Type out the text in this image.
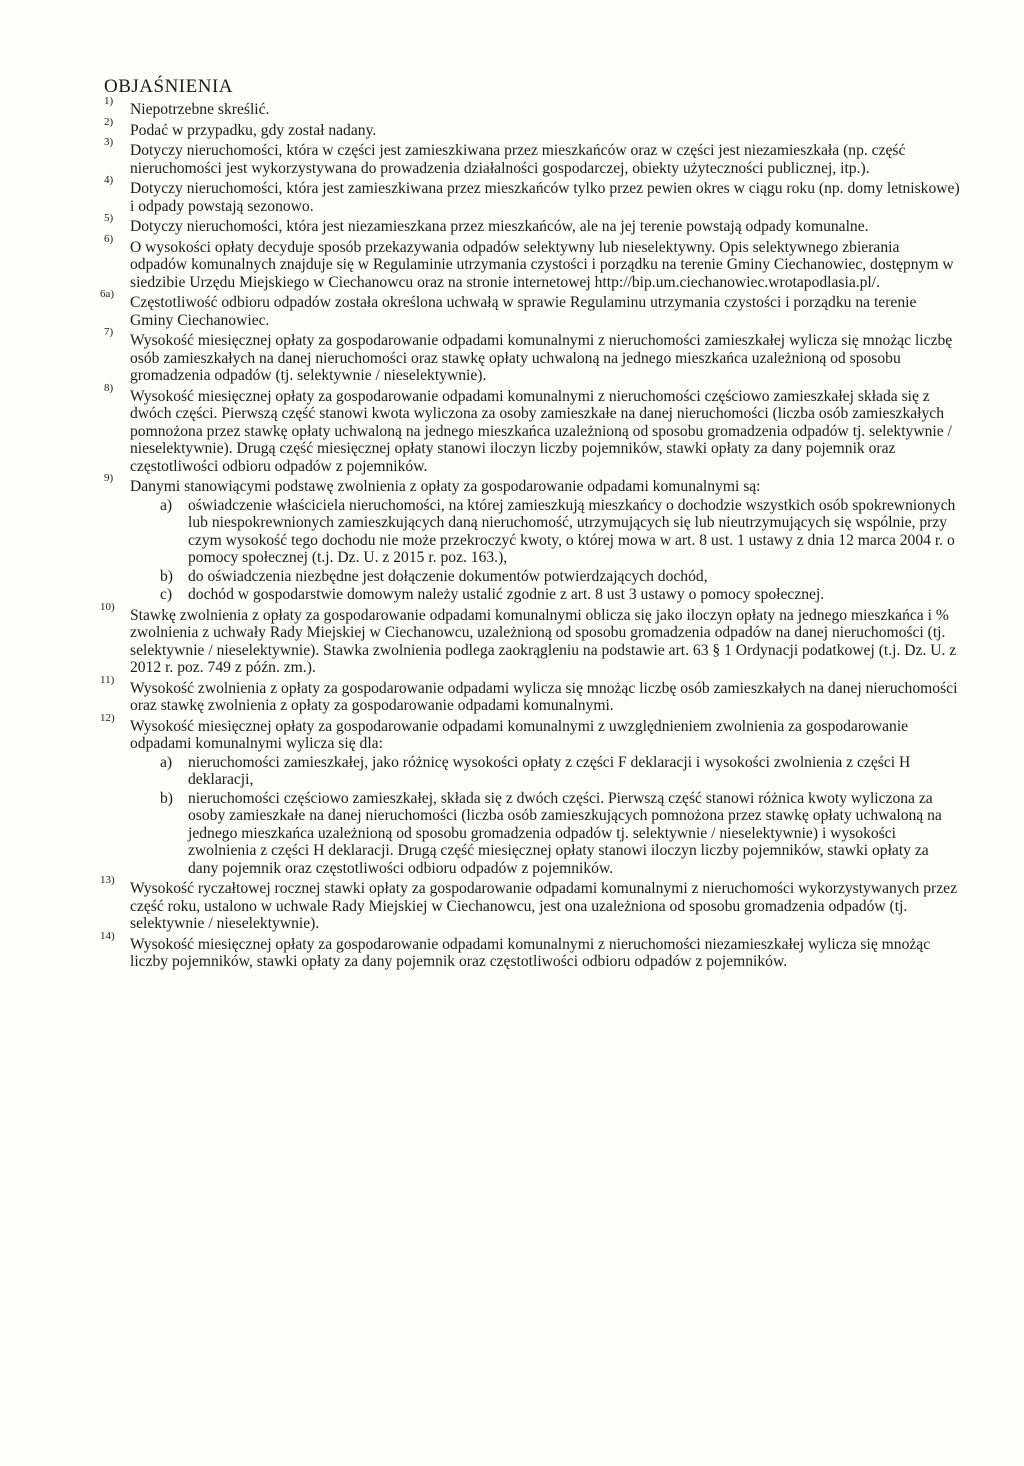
OBJAŚNIENIA
1) Niepotrzebne skreślić.
2) Podać w przypadku, gdy został nadany.
3) Dotyczy nieruchomości, która w części jest zamieszkiwana przez mieszkańców oraz w części jest niezamieszkała (np. część nieruchomości jest wykorzystywana do prowadzenia działalności gospodarczej, obiekty użyteczności publicznej, itp.).
4) Dotyczy nieruchomości, która jest zamieszkiwana przez mieszkańców tylko przez pewien okres w ciągu roku (np. domy letniskowe) i odpady powstają sezonowo.
5) Dotyczy nieruchomości, która jest niezamieszkana przez mieszkańców, ale na jej terenie powstają odpady komunalne.
6) O wysokości opłaty decyduje sposób przekazywania odpadów selektywny lub nieselektywny. Opis selektywnego zbierania odpadów komunalnych znajduje się w Regulaminie utrzymania czystości i porządku na terenie Gminy Ciechanowiec, dostępnym w siedzibie Urzędu Miejskiego w Ciechanowcu oraz na stronie internetowej http://bip.um.ciechanowiec.wrotapodlasia.pl/.
6a) Częstotliwość odbioru odpadów została określona uchwałą w sprawie Regulaminu utrzymania czystości i porządku na terenie Gminy Ciechanowiec.
7) Wysokość miesięcznej opłaty za gospodarowanie odpadami komunalnymi z nieruchomości zamieszkałej wylicza się mnożąc liczbę osób zamieszkałych na danej nieruchomości oraz stawkę opłaty uchwaloną na jednego mieszkańca uzależnioną od sposobu gromadzenia odpadów (tj. selektywnie / nieselektywnie).
8) Wysokość miesięcznej opłaty za gospodarowanie odpadami komunalnymi z nieruchomości częściowo zamieszkałej składa się z dwóch części. Pierwszą część stanowi kwota wyliczona za osoby zamieszkałe na danej nieruchomości (liczba osób zamieszkałych pomnożona przez stawkę opłaty uchwaloną na jednego mieszkańca uzależnioną od sposobu gromadzenia odpadów tj. selektywnie / nieselektywnie). Drugą część miesięcznej opłaty stanowi iloczyn liczby pojemników, stawki opłaty za dany pojemnik oraz częstotliwości odbioru odpadów z pojemników.
9) Danymi stanowiącymi podstawę zwolnienia z opłaty za gospodarowanie odpadami komunalnymi są:
a) oświadczenie właściciela nieruchomości, na której zamieszkują mieszkańcy o dochodzie wszystkich osób spokrewnionych lub niespokrewnionych zamieszkujących daną nieruchomość, utrzymujących się lub nieutrzymujących się wspólnie, przy czym wysokość tego dochodu nie może przekroczyć kwoty, o której mowa w art. 8 ust. 1 ustawy z dnia 12 marca 2004 r. o pomocy społecznej (t.j. Dz. U. z 2015 r. poz. 163.),
b) do oświadczenia niezbędne jest dołączenie dokumentów potwierdzających dochód,
c) dochód w gospodarstwie domowym należy ustalić zgodnie z art. 8 ust 3 ustawy o pomocy społecznej.
10) Stawkę zwolnienia z opłaty za gospodarowanie odpadami komunalnymi oblicza się jako iloczyn opłaty na jednego mieszkańca i % zwolnienia z uchwały Rady Miejskiej w Ciechanowcu, uzależnioną od sposobu gromadzenia odpadów na danej nieruchomości (tj. selektywnie / nieselektywnie). Stawka zwolnienia podlega zaokrągleniu na podstawie art. 63 § 1 Ordynacji podatkowej (t.j. Dz. U. z 2012 r. poz. 749 z późn. zm.).
11) Wysokość zwolnienia z opłaty za gospodarowanie odpadami wylicza się mnożąc liczbę osób zamieszkałych na danej nieruchomości oraz stawkę zwolnienia z opłaty za gospodarowanie odpadami komunalnymi.
12) Wysokość miesięcznej opłaty za gospodarowanie odpadami komunalnymi z uwzględnieniem zwolnienia za gospodarowanie odpadami komunalnymi wylicza się dla:
a) nieruchomości zamieszkałej, jako różnicę wysokości opłaty z części F deklaracji i wysokości zwolnienia z części H deklaracji,
b) nieruchomości częściowo zamieszkałej, składa się z dwóch części. Pierwszą część stanowi różnica kwoty wyliczona za osoby zamieszkałe na danej nieruchomości (liczba osób zamieszkujących pomnożona przez stawkę opłaty uchwaloną na jednego mieszkańca uzależnioną od sposobu gromadzenia odpadów tj. selektywnie / nieselektywnie) i wysokości zwolnienia z części H deklaracji. Drugą część miesięcznej opłaty stanowi iloczyn liczby pojemników, stawki opłaty za dany pojemnik oraz częstotliwości odbioru odpadów z pojemników.
13) Wysokość ryczałtowej rocznej stawki opłaty za gospodarowanie odpadami komunalnymi z nieruchomości wykorzystywanych przez część roku, ustalono w uchwale Rady Miejskiej w Ciechanowcu, jest ona uzależniona od sposobu gromadzenia odpadów (tj. selektywnie / nieselektywnie).
14) Wysokość miesięcznej opłaty za gospodarowanie odpadami komunalnymi z nieruchomości niezamieszkałej wylicza się mnożąc liczby pojemników, stawki opłaty za dany pojemnik oraz częstotliwości odbioru odpadów z pojemników.
